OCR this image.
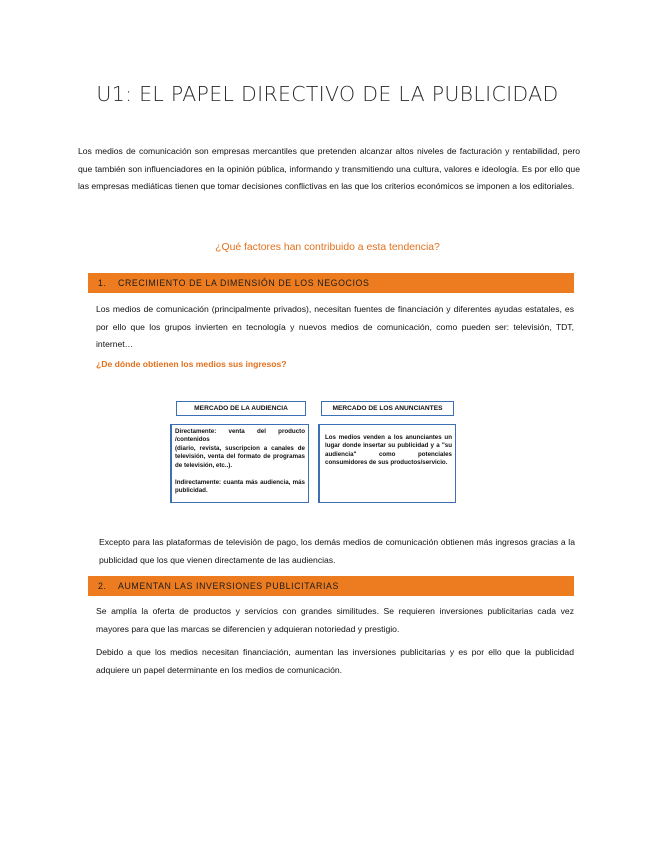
U1: EL PAPEL DIRECTIVO DE LA PUBLICIDAD
Los medios de comunicación son empresas mercantiles que pretenden alcanzar altos niveles de facturación y rentabilidad, pero que también son influenciadores en la opinión pública, informando y transmitiendo una cultura, valores e ideología. Es por ello que las empresas mediáticas tienen que tomar decisiones conflictivas en las que los criterios económicos se imponen a los editoriales.
¿Qué factores han contribuido a esta tendencia?
1.	CRECIMIENTO DE LA DIMENSIÓN DE LOS NEGOCIOS
Los medios de comunicación (principalmente privados), necesitan fuentes de financiación y diferentes ayudas estatales, es por ello que los grupos invierten en tecnología y nuevos medios de comunicación, como pueden ser: televisión, TDT, internet…
¿De dónde obtienen los medios sus ingresos?
MERCADO DE LA AUDIENCIA	MERCADO DE LOS ANUNCIANTES
Directamente: venta del producto /contenidos
(diario, revista, suscripcion a canales de televisión, venta del formato de programas de televisión, etc..).
Indirectamente: cuanta más audiencia, más publicidad.
Los medios venden a los anunciantes un lugar donde insertar su publicidad y a "su audiencia" como potenciales consumidores de sus productos/servicio.
Excepto para las plataformas de televisión de pago, los demás medios de comunicación obtienen más ingresos gracias a la publicidad que los que vienen directamente de las audiencias.
2.	AUMENTAN LAS INVERSIONES PUBLICITARIAS
Se amplía la oferta de productos y servicios con grandes similitudes. Se requieren inversiones publicitarias cada vez mayores para que las marcas se diferencien y adquieran notoriedad y prestigio.
Debido a que los medios necesitan financiación, aumentan las inversiones publicitarias y es por ello que la publicidad adquiere un papel determinante en los medios de comunicación.
